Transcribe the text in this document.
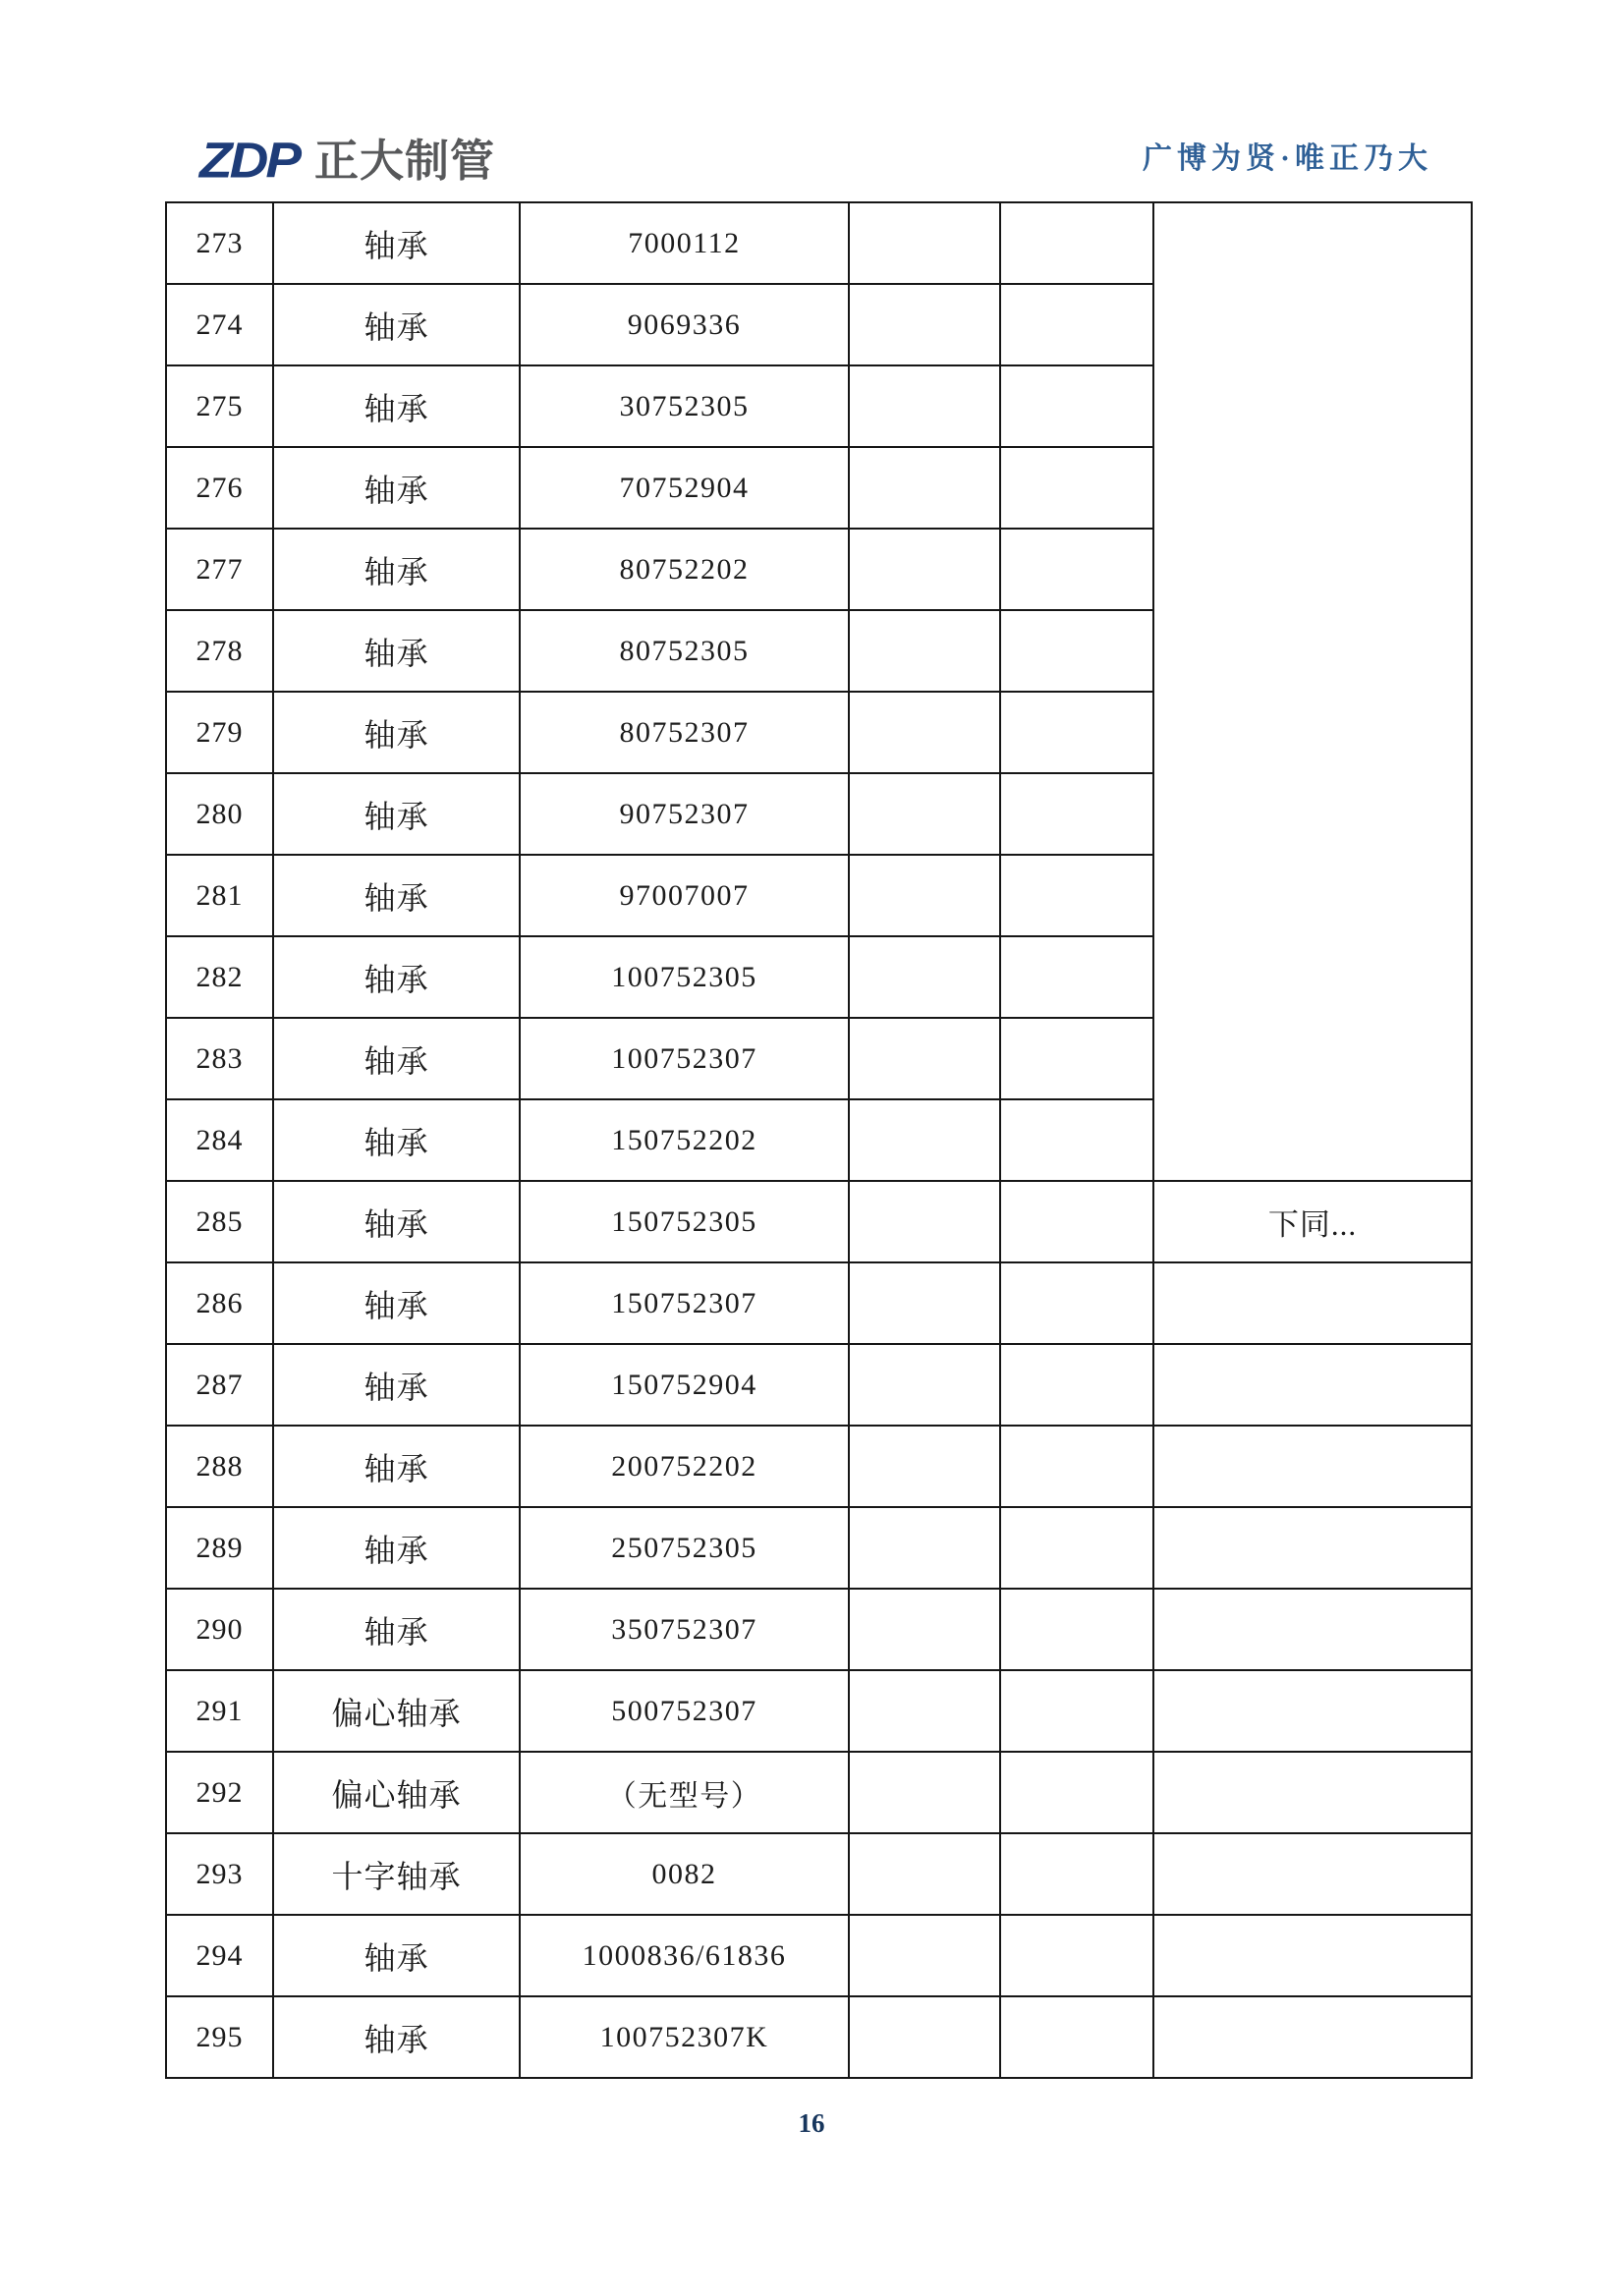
ZDP 正大制管	广博为贤·唯正乃大
273	轴承	7000112			
274	轴承	9069336			
275	轴承	30752305			
276	轴承	70752904			
277	轴承	80752202			
278	轴承	80752305			
279	轴承	80752307			
280	轴承	90752307			
281	轴承	97007007			
282	轴承	100752305			
283	轴承	100752307			
284	轴承	150752202			
285	轴承	150752305			下同...
286	轴承	150752307			
287	轴承	150752904			
288	轴承	200752202			
289	轴承	250752305			
290	轴承	350752307			
291	偏心轴承	500752307			
292	偏心轴承	（无型号）			
293	十字轴承	0082			
294	轴承	1000836/61836			
295	轴承	100752307K			
16
